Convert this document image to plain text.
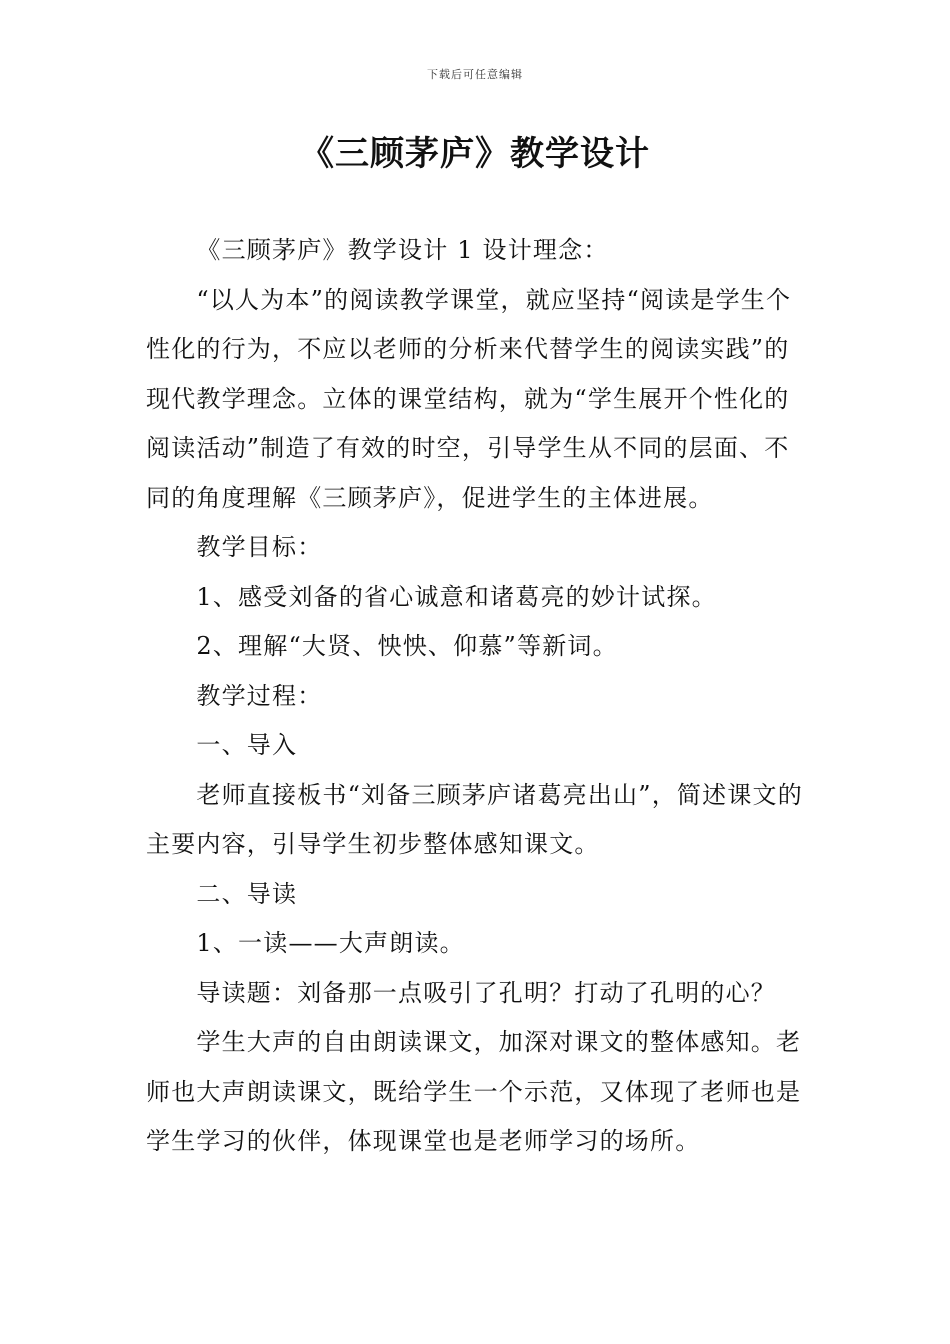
下载后可任意编辑
《三顾茅庐》教学设计

《三顾茅庐》教学设计 1 设计理念：

“以人为本”的阅读教学课堂，就应坚持“阅读是学生个性化的行为，不应以老师的分析来代替学生的阅读实践”的现代教学理念。立体的课堂结构，就为“学生展开个性化的阅读活动”制造了有效的时空，引导学生从不同的层面、不同的角度理解《三顾茅庐》，促进学生的主体进展。

教学目标：

1、感受刘备的省心诚意和诸葛亮的妙计试探。

2、理解“大贤、怏怏、仰慕”等新词。

教学过程：

一、导入

老师直接板书“刘备三顾茅庐诸葛亮出山”，简述课文的主要内容，引导学生初步整体感知课文。

二、导读

1、一读——大声朗读。

导读题：刘备那一点吸引了孔明？打动了孔明的心？

学生大声的自由朗读课文，加深对课文的整体感知。老师也大声朗读课文，既给学生一个示范，又体现了老师也是学生学习的伙伴，体现课堂也是老师学习的场所。
